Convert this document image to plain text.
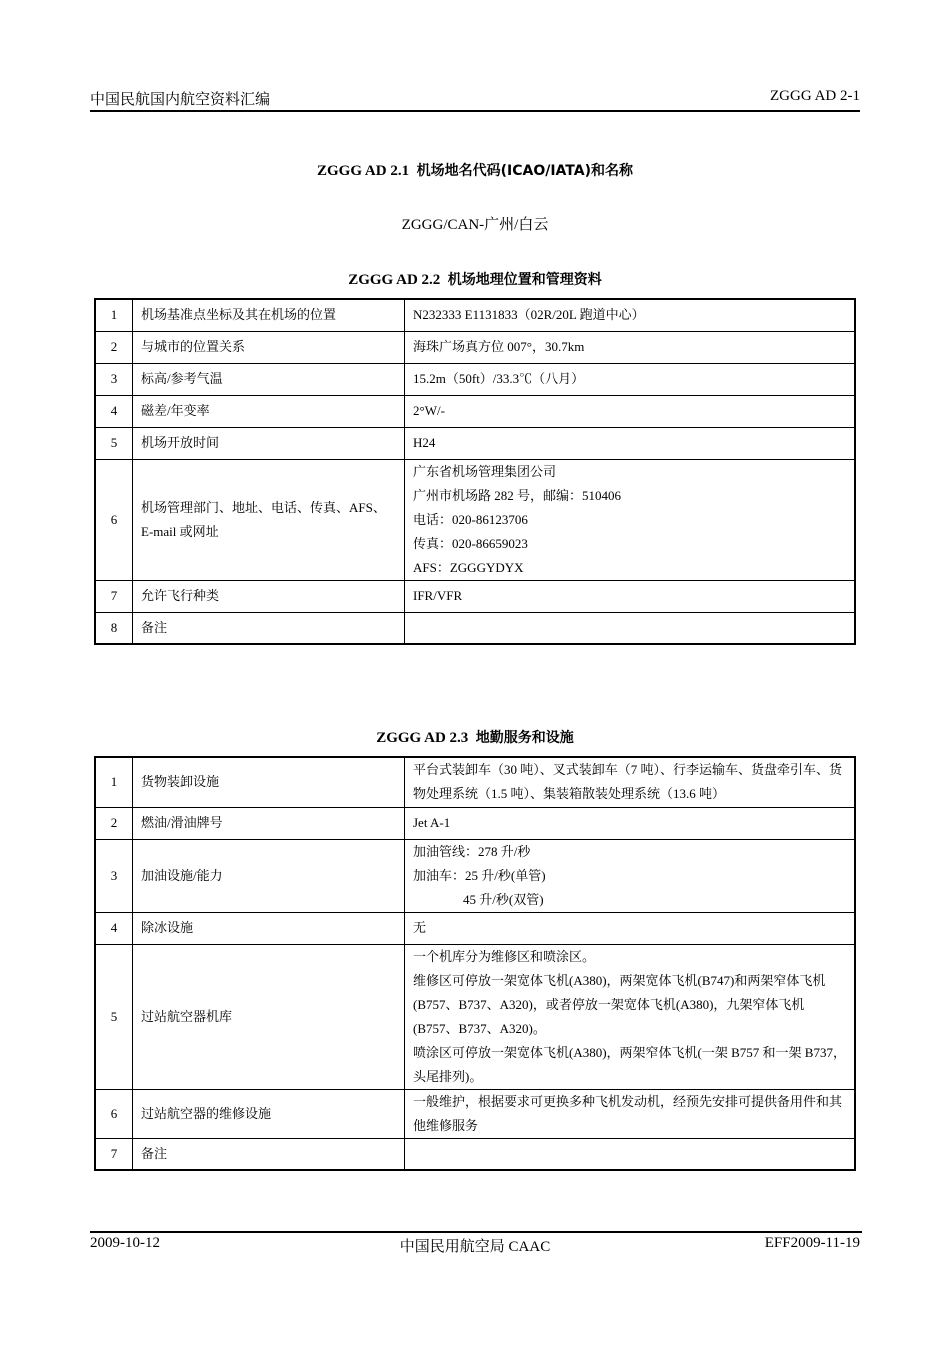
中国民航国内航空资料汇编	ZGGG AD 2-1
ZGGG AD 2.1 机场地名代码(ICAO/IATA)和名称
ZGGG/CAN-广州/白云
ZGGG AD 2.2 机场地理位置和管理资料
1	机场基准点坐标及其在机场的位置	N232333 E1131833（02R/20L 跑道中心）

2	与城市的位置关系	海珠广场真方位 007°，30.7km

3	标高/参考气温	15.2m（50ft）/33.3℃（八月）

4	磁差/年变率	2°W/-

5	机场开放时间	H24

6	机场管理部门、地址、电话、传真、AFS、E-mail 或网址	广东省机场管理集团公司
广州市机场路 282 号，邮编：510406
电话：020-86123706
传真：020-86659023
AFS：ZGGGYDYX

7	允许飞行种类	IFR/VFR

8	备注	
ZGGG AD 2.3 地勤服务和设施
1	货物装卸设施	平台式装卸车（30 吨）、叉式装卸车（7 吨）、行李运输车、货盘牵引车、货物处理系统（1.5 吨）、集装箱散装处理系统（13.6 吨）

2	燃油/滑油牌号	Jet A-1

3	加油设施/能力	加油管线：278 升/秒
加油车：25 升/秒(单管)
45 升/秒(双管)

4	除冰设施	无

5	过站航空器机库	一个机库分为维修区和喷涂区。
维修区可停放一架宽体飞机(A380)，两架宽体飞机(B747)和两架窄体飞机(B757、B737、A320)，或者停放一架宽体飞机(A380)，九架窄体飞机(B757、B737、A320)。
喷涂区可停放一架宽体飞机(A380)，两架窄体飞机(一架 B757 和一架 B737，头尾排列)。

6	过站航空器的维修设施	一般维护，根据要求可更换多种飞机发动机，经预先安排可提供备用件和其他维修服务

7	备注	
2009-10-12	中国民用航空局 CAAC	EFF2009-11-19
